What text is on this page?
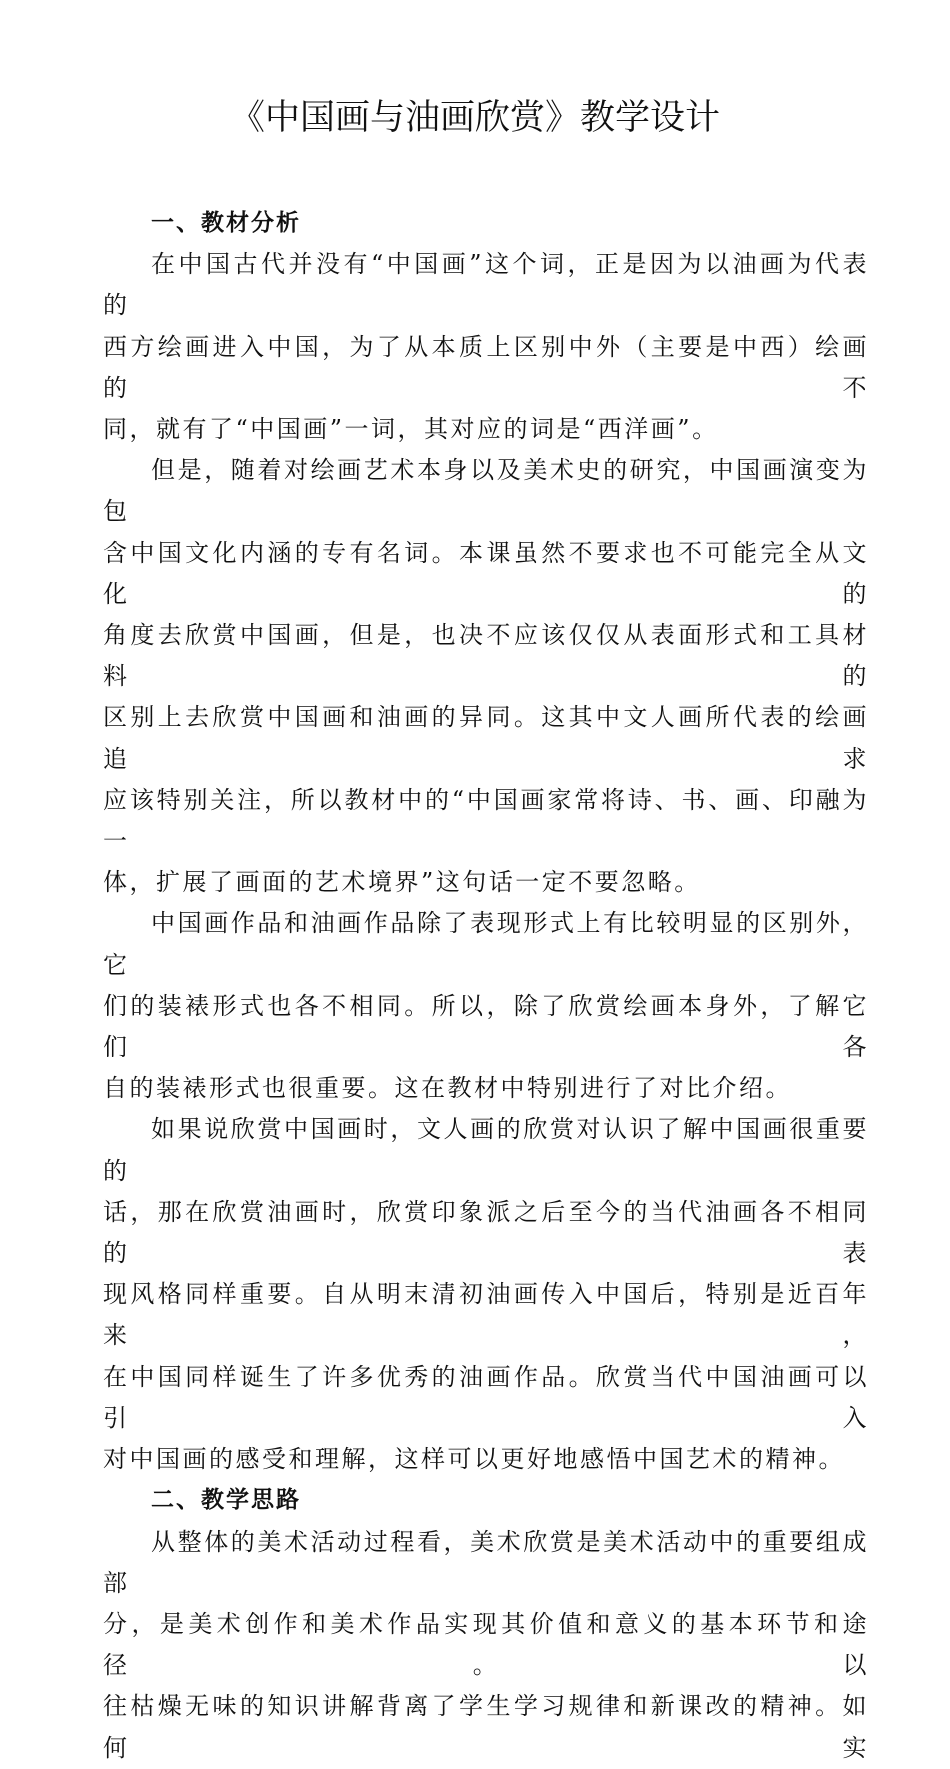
《中国画与油画欣赏》教学设计
一、教材分析
在中国古代并没有“中国画”这个词，正是因为以油画为代表的
西方绘画进入中国，为了从本质上区别中外（主要是中西）绘画的不
同，就有了“中国画”一词，其对应的词是“西洋画”。
但是，随着对绘画艺术本身以及美术史的研究，中国画演变为包
含中国文化内涵的专有名词。本课虽然不要求也不可能完全从文化的
角度去欣赏中国画，但是，也决不应该仅仅从表面形式和工具材料的
区别上去欣赏中国画和油画的异同。这其中文人画所代表的绘画追求
应该特别关注，所以教材中的“中国画家常将诗、书、画、印融为一
体，扩展了画面的艺术境界”这句话一定不要忽略。
中国画作品和油画作品除了表现形式上有比较明显的区别外，它
们的装裱形式也各不相同。所以，除了欣赏绘画本身外，了解它们各
自的装裱形式也很重要。这在教材中特别进行了对比介绍。
如果说欣赏中国画时，文人画的欣赏对认识了解中国画很重要的
话，那在欣赏油画时，欣赏印象派之后至今的当代油画各不相同的表
现风格同样重要。自从明末清初油画传入中国后，特别是近百年来，
在中国同样诞生了许多优秀的油画作品。欣赏当代中国油画可以引入
对中国画的感受和理解，这样可以更好地感悟中国艺术的精神。
二、教学思路
从整体的美术活动过程看，美术欣赏是美术活动中的重要组成部
分，是美术创作和美术作品实现其价值和意义的基本环节和途径。以
往枯燥无味的知识讲解背离了学生学习规律和新课改的精神。如何实
